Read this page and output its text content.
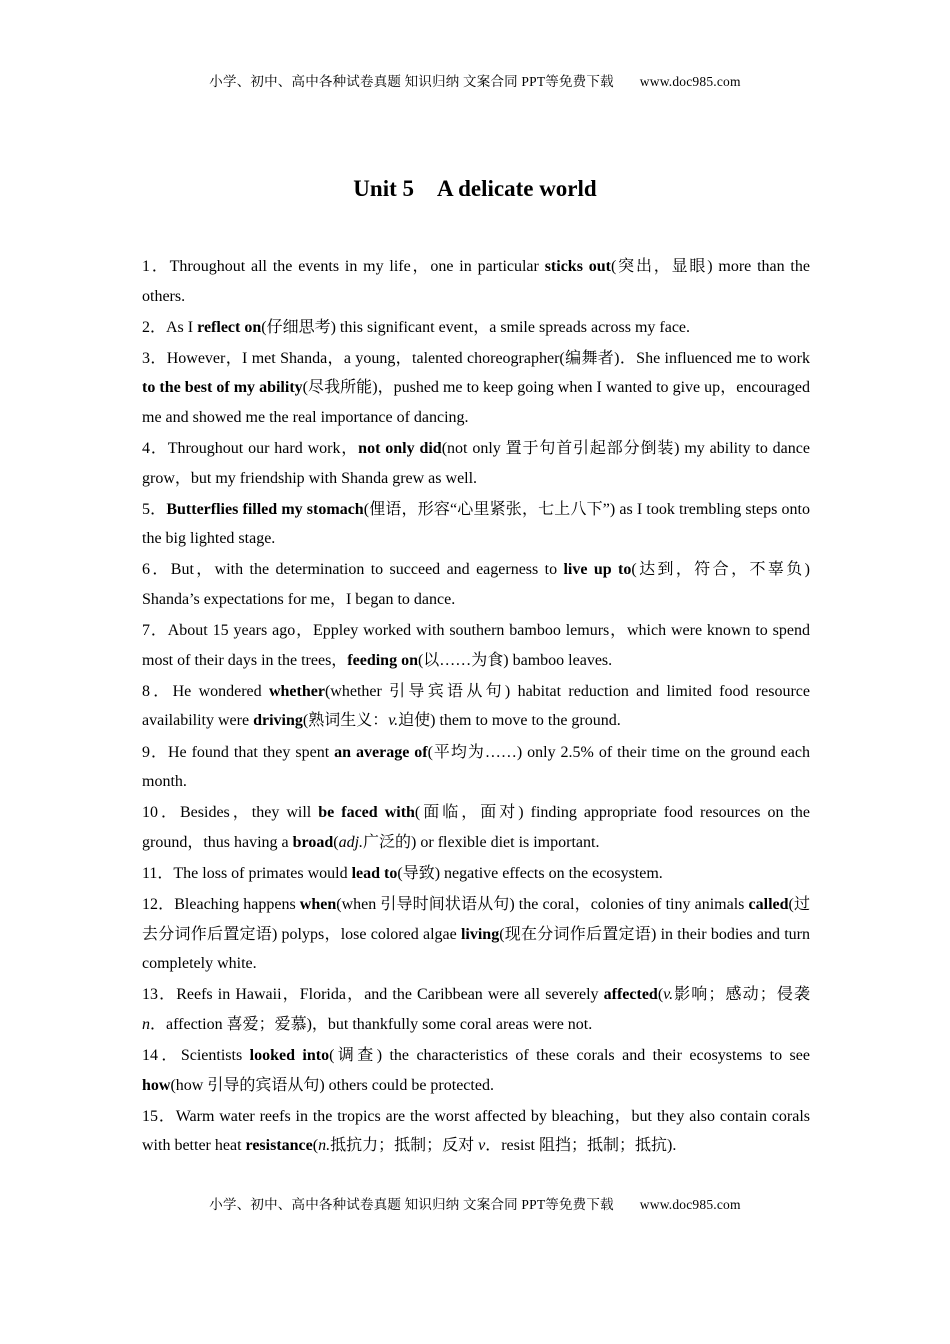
小学、初中、高中各种试卷真题 知识归纳 文案合同 PPT等免费下载 www.doc985.com
Unit 5　A delicate world

1．Throughout all the events in my life，one in particular sticks out(突出，显眼) more than the others.

2．As I reflect on(仔细思考) this significant event，a smile spreads across my face.

3．However，I met Shanda，a young，talented choreographer(编舞者)．She influenced me to work to the best of my ability(尽我所能)，pushed me to keep going when I wanted to give up，encouraged me and showed me the real importance of dancing.

4．Throughout our hard work，not only did(not only 置于句首引起部分倒装) my ability to dance grow，but my friendship with Shanda grew as well.

5．Butterflies filled my stomach(俚语，形容“心里紧张，七上八下”) as I took trembling steps onto the big lighted stage.

6．But，with the determination to succeed and eagerness to live up to(达到，符合，不辜负) Shanda’s expectations for me，I began to dance.

7．About 15 years ago，Eppley worked with southern bamboo lemurs，which were known to spend most of their days in the trees，feeding on(以……为食) bamboo leaves.

8．He wondered whether(whether 引导宾语从句) habitat reduction and limited food resource availability were driving(熟词生义：v.迫使) them to move to the ground.

9．He found that they spent an average of(平均为……) only 2.5% of their time on the ground each month.

10．Besides，they will be faced with(面临，面对) finding appropriate food resources on the ground，thus having a broad(adj.广泛的) or flexible diet is important.

11．The loss of primates would lead to(导致) negative effects on the ecosystem.

12．Bleaching happens when(when 引导时间状语从句) the coral，colonies of tiny animals called(过去分词作后置定语) polyps，lose colored algae living(现在分词作后置定语) in their bodies and turn completely white.

13．Reefs in Hawaii，Florida，and the Caribbean were all severely affected(v.影响；感动；侵袭 n．affection 喜爱；爱慕)，but thankfully some coral areas were not.

14．Scientists looked into(调查) the characteristics of these corals and their ecosystems to see how(how 引导的宾语从句) others could be protected.

15．Warm water reefs in the tropics are the worst affected by bleaching，but they also contain corals with better heat resistance(n.抵抗力；抵制；反对 v．resist 阻挡；抵制；抵抗).

小学、初中、高中各种试卷真题 知识归纳 文案合同 PPT等免费下载 www.doc985.com
